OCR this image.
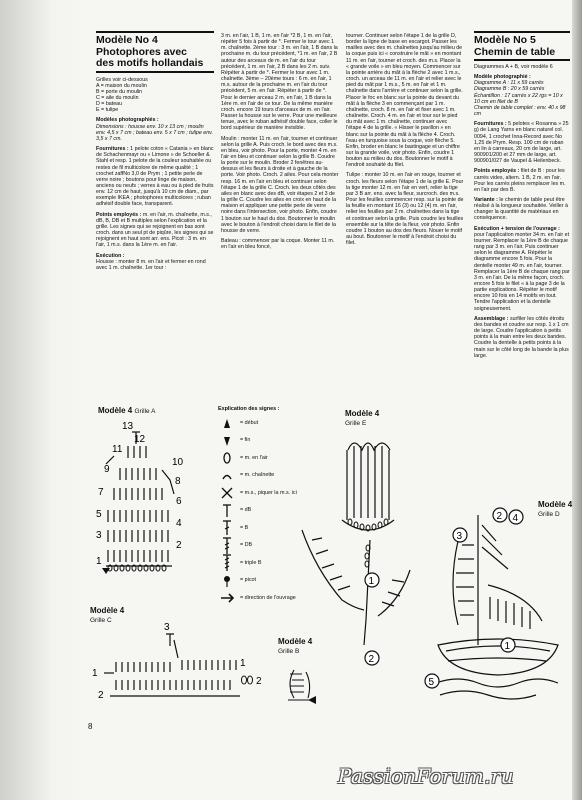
Modèle No 4
Photophores avec
des motifs hollandais

Grilles voir ci-dessous
A = maison du moulin
B = porte du moulin
C = aile du moulin
D = bateau
E = tulipe

Modèles photographiés :
Dimensions : housse env. 10 x 13 cm ; moulin env. 4,5 x 7 cm ; bateau env. 5 x 7 cm ; tulipe env. 3,5 x 7 cm.

Fournitures : 1 pelote coton « Catania » en blanc de Schachenmayr ou « Limone » de Schoeller & Stahl et resp. 1 pelote de la couleur souhaitée ou restes de fil multicolore de même qualité ; 1 crochet zaffNo 3,0 de Prym ; 1 petite perle de verre noire ; boutons pour linge de maison, anciens ou neufs ; verres à eau ou à pied de fruits env. 12 cm de haut, jusqu'à 10 cm de diam., par exemple IKEA ; photophores multicolores ; ruban adhésif double face, transparent.

Points employés : m. en l'air, m. chaînette, m.s., dB, B, DB et B multiples selon l'explication et la grille. Les signes qui se rejoignent en bas sont croch. dans un seul pt de piqûre, les signes qui se rejoignent en haut sont arr. ens. Picot : 3 m. en l'air, 1 m.s. dans la 1ère m. en l'air.

Exécution :
Housse : monter 8 m. en l'air et fermer en rond avec 1 m. chaînette. 1er tour :

3 m. en l'air, 1 B, 1 m. en l'air *2 B, 1 m. en l'air, répéter 5 fois à partir de *. Fermer le tour avec 1 m. chaînette. 2ème tour : 3 m. en l'air, 1 B dans la prochaine m. du tour précédent, *1 m. en l'air, 2 B autour des arceaux de m. en l'air du tour précédent, 1 m. en l'air, 2 B dans les 2 m. suiv. Répéter à partir de *. Fermer le tour avec 1 m. chaînette. 3ème – 20ème tours : 6 m. en l'air, 1 m.s. autour de la prochaine m. en l'air du tour précédent, 5 m. en l'air. Répéter à partir de *. Pour le dernier arceau 2 m. en l'air, 1 B dans la 1ère m. en l'air de ce tour. De la même manière croch. encore 19 tours d'arceaux de m. en l'air. Passer la housse sur le verre. Pour une meilleure tenue, avec le ruban adhésif double face, coller le bord supérieur de manière invisible.

Moulin : monter 11 m. en l'air, tourner et continuer selon la grille A. Puis croch. le bord avec des m.s. en bleu, voir photo. Pour la porte, monter 4 m. en l'air en bleu et continuer selon la grille B. Coudre la porte sur le moulin. Broder 2 fenêtres au-dessus et les fleurs à droite et à gauche de la porte. Voir photo. Croch. 2 ailes. Pour cela monter resp. 16 m. en l'air en bleu et continuer selon l'étape 1 de la grille C. Croch. les deux côtés des ailes en blanc avec des dB, voir étapes 2 et 3 de la grille C. Coudre les ailes en croix en haut de la maison et appliquer une petite perle de verre noire dans l'intersection, voir photo. Enfin, coudre 1 bouton sur le haut du dos. Boutonner le moulin avec le bouton à l'endroit choisi dans le filet de la housse de verre.

Bateau : commencer par la coque. Monter 11 m. en l'air en bleu foncé,

tourner. Continuer selon l'étape 1 de la grille D, border la ligne de base en escargot. Passer les mailles avec des m. chaînettes jusqu'au milieu de la coque puis ici « construire le mât » en montant 11 m. en l'air, tourner et croch. des m.s. Placer la « grande voile » en bleu moyen. Commencer sur la pointe arrière du mât à la flèche 2 avec 1 m.s., croch. un arceau de 11 m. en l'air et relier avec le pied du mât par 1 m.s., 5 m. en l'air et 1 m. chaînette dans l'arrière et continuer selon la grille. Placer le foc en blanc sur la pointe du devant du mât à la flèche 3 en commençant par 1 m. chaînette, croch. 8 m. en l'air et fixer avec 1 m. chaînette. Croch. 4 m. en l'air et tour sur le pied du mât avec 1 m. chaînette, continuer avec l'étape 4 de la grille. « Hisser le pavillon » en blanc sur la pointe du mât à la flèche 4. Croch. l'eau en turquoise sous la coque, voir flèche 5. Enfin, broder en blanc le bastingage et un chiffre sur la grande voile, voir photo. Enfin, coudre 1 bouton au milieu du dos. Boutonner le motif à l'endroit souhaité du filet.

Tulipe : monter 10 m. en l'air en rouge, tourner et croch. les fleurs selon l'étape 1 de la grille E. Pour la tige monter 12 m. en l'air en vert, relier la tige par 3 B arr. ens. avec la fleur, surcroch. des m.s. Pour les feuilles commencer resp. sur la pointe de la feuille en montant 16 (3) ou 12 (4) m. en l'air, relier les feuilles par 2 m. chaînettes dans la tige et continuer selon la grille. Puis coudre les feuilles ensemble sur la tête de la fleur, voir photo. Enfin coudre 1 bouton au dos des fleurs. Nouer le motif au bout. Boutonner le motif à l'endroit choisi du filet.

Modèle No 5
Chemin de table

Diagrammes A + B, voir modèle 6

Modèle photographié :
Diagramme A : 11 x 59 carrés
Diagramme B : 20 x 59 carrés
Échantillon : 17 carrés x 22 rgs = 10 x 10 cm en filet de B
Chemin de table complet : env. 40 x 98 cm

Fournitures : 5 pelotes « Rosanna » 25 g) de Lang Yarns en blanc naturel col. 0094, 1 crochet Inna-Record avec No 1,25 de Prym. Resp. 100 cm de ruban en lin à carreaux, 20 cm de large, art. 900901/200 et 27 mm de large, art. 900901/027 de Vaupel & Heilenbeck.

Points employés : filet de B : pour les carrés vides, altern. 1 B, 2 m. en l'air. Pour les carrés pleins remplacer les m. en l'air par des B.

Variante : le chemin de table peut être réalisé à la longueur souhaitée. Veiller à changer la quantité de matériaux en conséquence.

Exécution + tension de l'ouvrage : pour l'application monter 34 m. en l'air et tourner. Remplacer la 1ère B de chaque rang par 3 m. en l'air. Puis continuer selon le diagramme A. Répéter le diagramme encore 5 fois. Pour la dentelle monter 49 m. en l'air, tourner. Remplacer la 1ère B de chaque rang par 3 m. en l'air. De la même façon, croch. encore 5 fois le filet « à la page 3 de la partie explications. Répéter le motif encore 10 fois en 14 motifs en tout. Tendre l'application et la dentelle soigneusement.

Assemblage : surfiler les côtés étroits des bandes et coudre sur resp. 1 x 1 cm de large. Coudre l'application à petits points à la main entre les deux bandes. Coudre la dentelle à petits points à la main sur le côté long de la bande la plus large.

Explication des signes :
= début
= fin
= m. en l'air
= m. chaînette
= m.s., piquer la m.s. ici
= dB
= B
= DB
= triple B
= picot
= direction de l'ouvrage
Modèle 4 Grille A
Modèle 4
Grille C
Modèle 4
Grille B
Modèle 4
Grille E
Modèle 4
Grille D
13
12
11
10
9
8
7
6
5
4
3
2
1
3
1
2
1
2
2
1
4
3
2
5
1
8
PassionForum.ru
